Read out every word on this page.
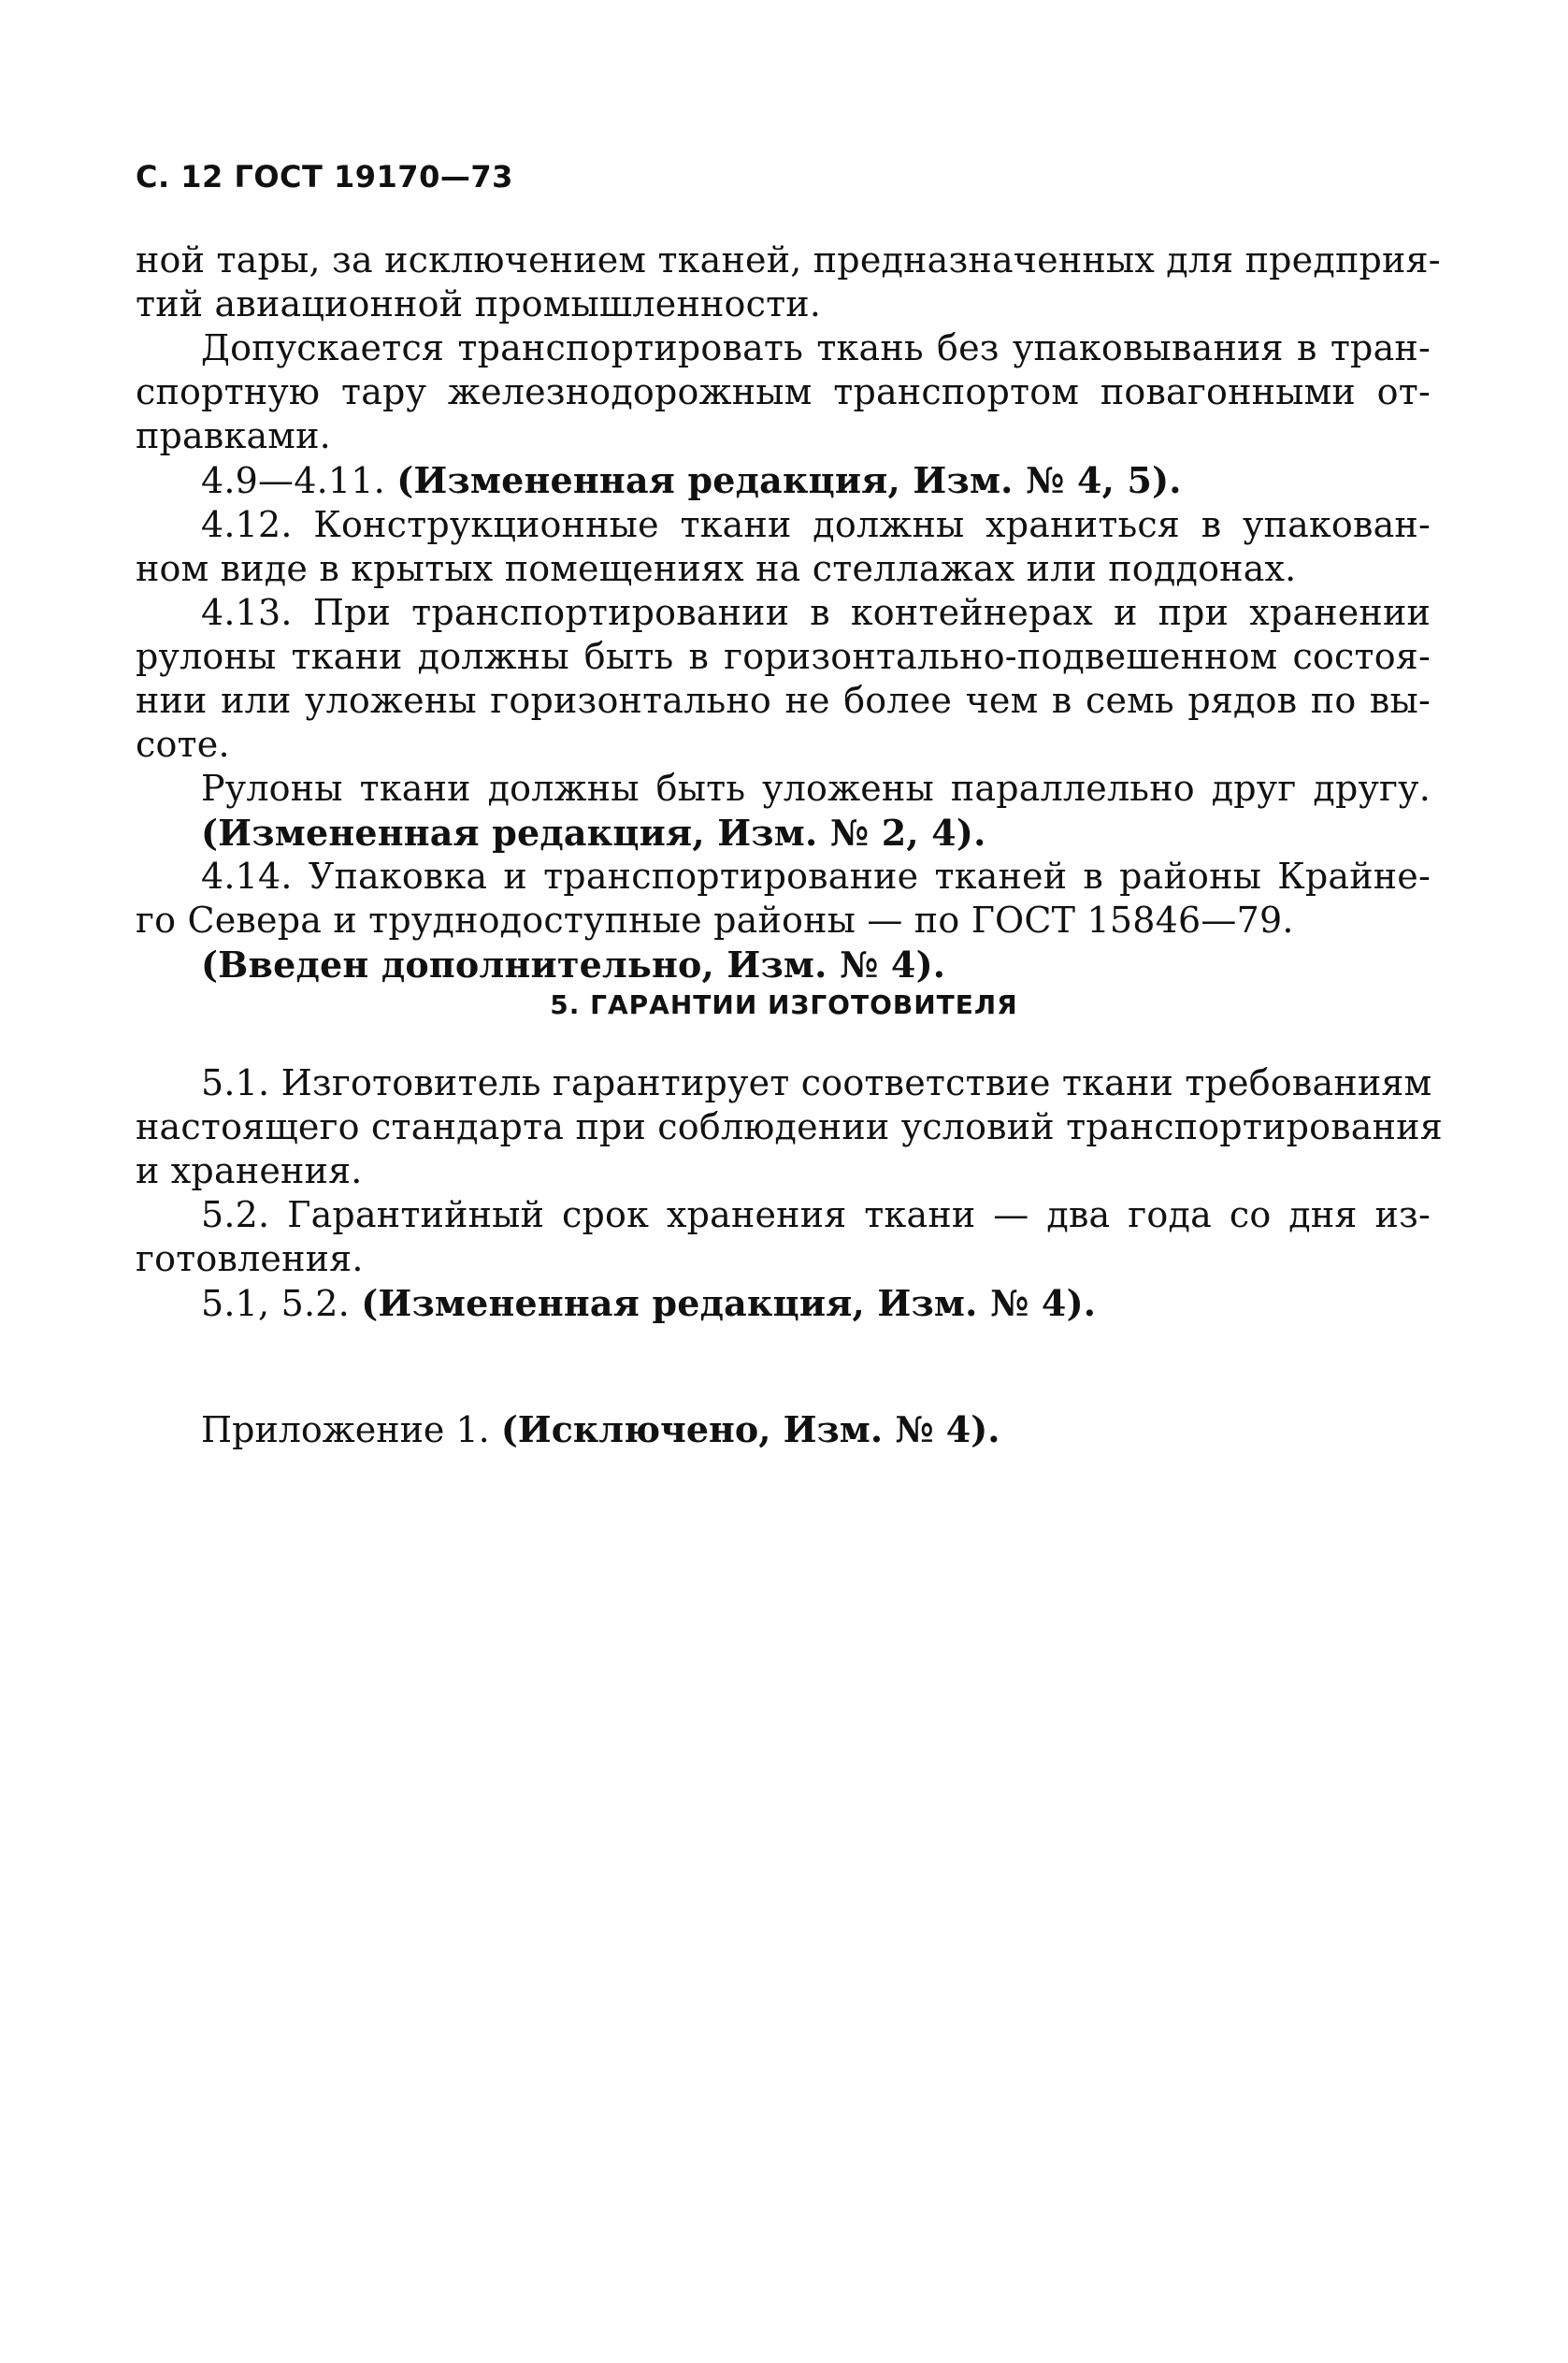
С. 12 ГОСТ 19170—73
ной тары, за исключением тканей, предназначенных для предприя-
тий авиационной промышленности.
Допускается транспортировать ткань без упаковывания в тран-
спортную тару железнодорожным транспортом повагонными от-
правками.
4.9—4.11. (Измененная редакция, Изм. № 4, 5).
4.12. Конструкционные ткани должны храниться в упакован-
ном виде в крытых помещениях на стеллажах или поддонах.
4.13. При транспортировании в контейнерах и при хранении
рулоны ткани должны быть в горизонтально-подвешенном состоя-
нии или уложены горизонтально не более чем в семь рядов по вы-
соте.
Рулоны ткани должны быть уложены параллельно друг другу.
(Измененная редакция, Изм. № 2, 4).
4.14. Упаковка и транспортирование тканей в районы Крайне-
го Севера и труднодоступные районы — по ГОСТ 15846—79.
(Введен дополнительно, Изм. № 4).
5. ГАРАНТИИ ИЗГОТОВИТЕЛЯ
5.1. Изготовитель гарантирует соответствие ткани требованиям
настоящего стандарта при соблюдении условий транспортирования
и хранения.
5.2. Гарантийный срок хранения ткани — два года со дня из-
готовления.
5.1, 5.2. (Измененная редакция, Изм. № 4).
Приложение 1. (Исключено, Изм. № 4).
